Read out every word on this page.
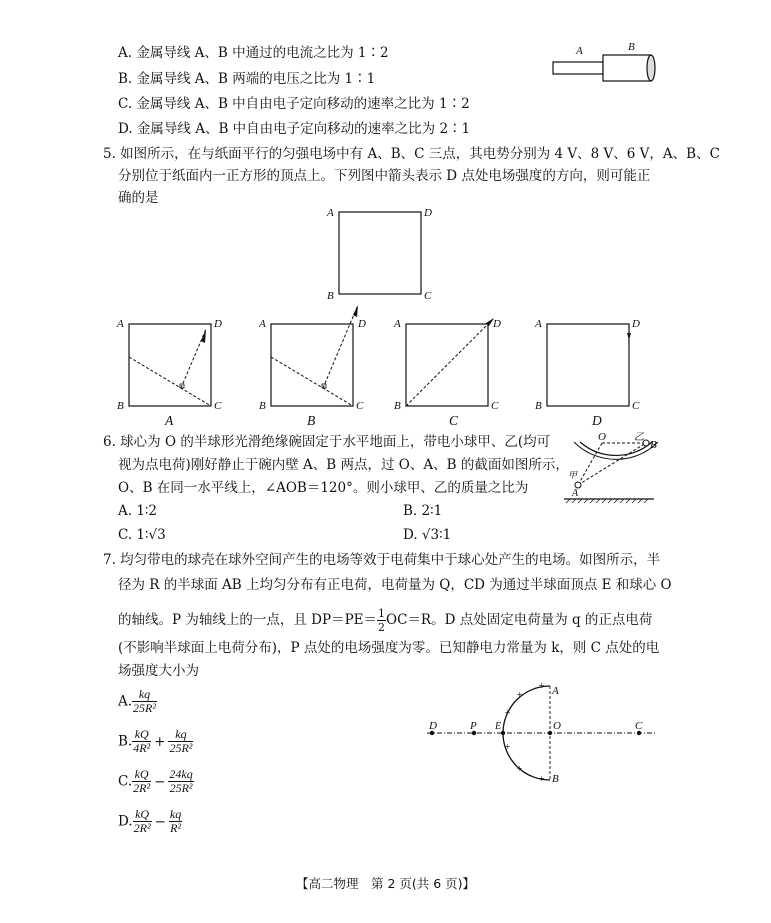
A. 金属导线 A、B 中通过的电流之比为 1∶2
B. 金属导线 A、B 两端的电压之比为 1∶1
C. 金属导线 A、B 中自由电子定向移动的速率之比为 1∶2
D. 金属导线 A、B 中自由电子定向移动的速率之比为 2∶1
A	B
5. 如图所示，在与纸面平行的匀强电场中有 A、B、C 三点，其电势分别为 4 V、8 V、6 V，A、B、C
分别位于纸面内一正方形的顶点上。下列图中箭头表示 D 点处电场强度的方向，则可能正
确的是
A	D
B	C
A	D
B	C
A	D
B	C
A	D
B	C
A	D
B	C
A	B	C	D
6. 球心为 O 的半球形光滑绝缘碗固定于水平地面上，带电小球甲、乙(均可
视为点电荷)刚好静止于碗内壁 A、B 两点，过 O、A、B 的截面如图所示，
O、B 在同一水平线上，∠AOB＝120°。则小球甲、乙的质量之比为
O	乙
B
甲
A
A. 1∶2	B. 2∶1
C. 1∶√3	D. √3∶1
7. 均匀带电的球壳在球外空间产生的电场等效于电荷集中于球心处产生的电场。如图所示，半
径为 R 的半球面 AB 上均匀分布有正电荷，电荷量为 Q，CD 为通过半球面顶点 E 和球心 O
的轴线。P 为轴线上的一点，且 $DP=PE= \frac{1}{2} OC=R$。D 点处固定电荷量为 q 的正点电荷
(不影响半球面上电荷分布)，P 点处的电场强度为零。已知静电力常量为 k，则 C 点处的电
场强度大小为
A. $\frac{kq}{\text{25R²}}$
B. $\frac{kQ}{\text{4R²}} + \frac{kq}{\text{25R²}}$
C. $\frac{kQ}{\text{2R²}} - \frac{24kq}{\text{25R²}}$
D. $\frac{kQ}{\text{2R²}} - \frac{kq}{\text{R²}}$
D	P E	O	C
A
B
+
+
+
+
+
+
【高二物理　第 2 页(共 6 页)】
